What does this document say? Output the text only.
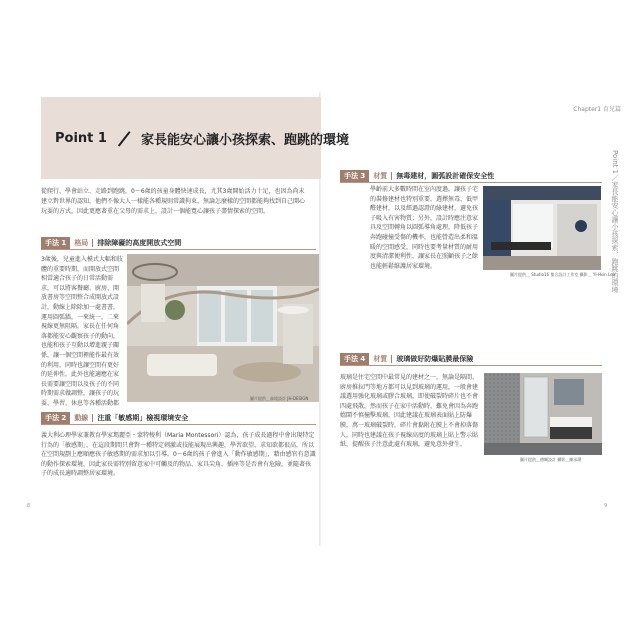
Chapter1 育兒篇
Point 1／家長能安心讓小孩探索、跑跳的環境
Point 1	家長能安心讓小孩探索、跑跳的環境
從爬行、學會站立、走路到跑跳，0～6歲的孩童身體快速成長，尤其3歲開始活力十足，也因為尚未建立對世界的認知，他們不像大人一樣能各種規則常識拘束，無論怎麼樣的空間都能夠找到自己開心玩耍的方式，因此更應著重在父母的需求上，設計一個能寬心讓孩子盡情探索的空間。
手法 1	格局 排除障礙的高度開放式空間
3歲後，兒童進入模式大幅和肢體的重要時期，而開放式空間相當適合孩子的日常活動需求，可以將客餐廳、廚房、開放書房等空間整合成開放式設計，動線上除除加一處書書，運用圓弧牆，一來統一，二來視線更無阻隔，家長在任何角落都能安心觀察孩子的動向，也能和孩子互動以增進親子關係，讓一個空間裡能作最有效的利用，同時也讓空間有更好的延伸性。此外也能適應在家長需要讓空間以及孩子的不同時期需求做調整，讓孩子的玩耍、學習、休息等各種活動都
圖片提供＿森境設計 JH-DESIGN
手法 2	動線 注重「敏感期」檢視環境安全
義大利心理學家兼教育學家瑪麗亞・蒙特梭利（Maria Montessori）認為，孩子成長過程中會出現特定行為的「敏感期」，在這段期間只會對一種特定刺激或技能展現出興趣，學習欲望、求知欲都很高，所以在空間規劃上應順應孩子敏感期的需求加以引導。0～6歲的孩子會進入「動作敏感期」，藉由感官有意識的動作探索環境，因此家長需特別留意家中可觸及的物品、家具尖角、插座等是否會有危險，並隨著孩子的成長適時調整居家環境。
8
手法 3	材質 無毒建材，圓弧設計確保安全性
學齡前大多數時間在室內度過，讓孩子宅的裝修建材也特別重要，選擇無毒、低甲醛建材，以及經過認證的綠建材，避免孩子吸入有害物質；另外，設計時應注意家具及空間轉角以圓弧導角處理，降低孩子奔跑碰撞受傷的機率，也能營造出柔和溫暖的空間感受，同時也要考量材質的耐用度與清潔便利性，讓家長在照顧孩子之餘也能輕鬆維護居家環境。
圖片提供＿ Studio16 集合設計工作室 攝影＿ YI-Hsin Lee
手法 4	材質 玻璃做好防爆貼膜最保險
玻璃是住宅空間中最常見的建材之一，無論是隔間、廚房推拉門等地方都可以見到玻璃的運用，一般會建議選用強化玻璃或膠合玻璃，即使破裂時碎片也不會四處飛散，然而孩子在家中活動時，難免會因為奔跑嬉鬧不慎撞擊玻璃，因此建議在玻璃表面貼上防爆膜，萬一玻璃破裂時，碎片會黏附在膜上不會掉落傷人，同時也建議在孩子視線高度的玻璃上貼上警示貼紙，提醒孩子注意此處有玻璃，避免意外發生。
圖片提供＿德爾設計 攝影＿陳承璞
9
